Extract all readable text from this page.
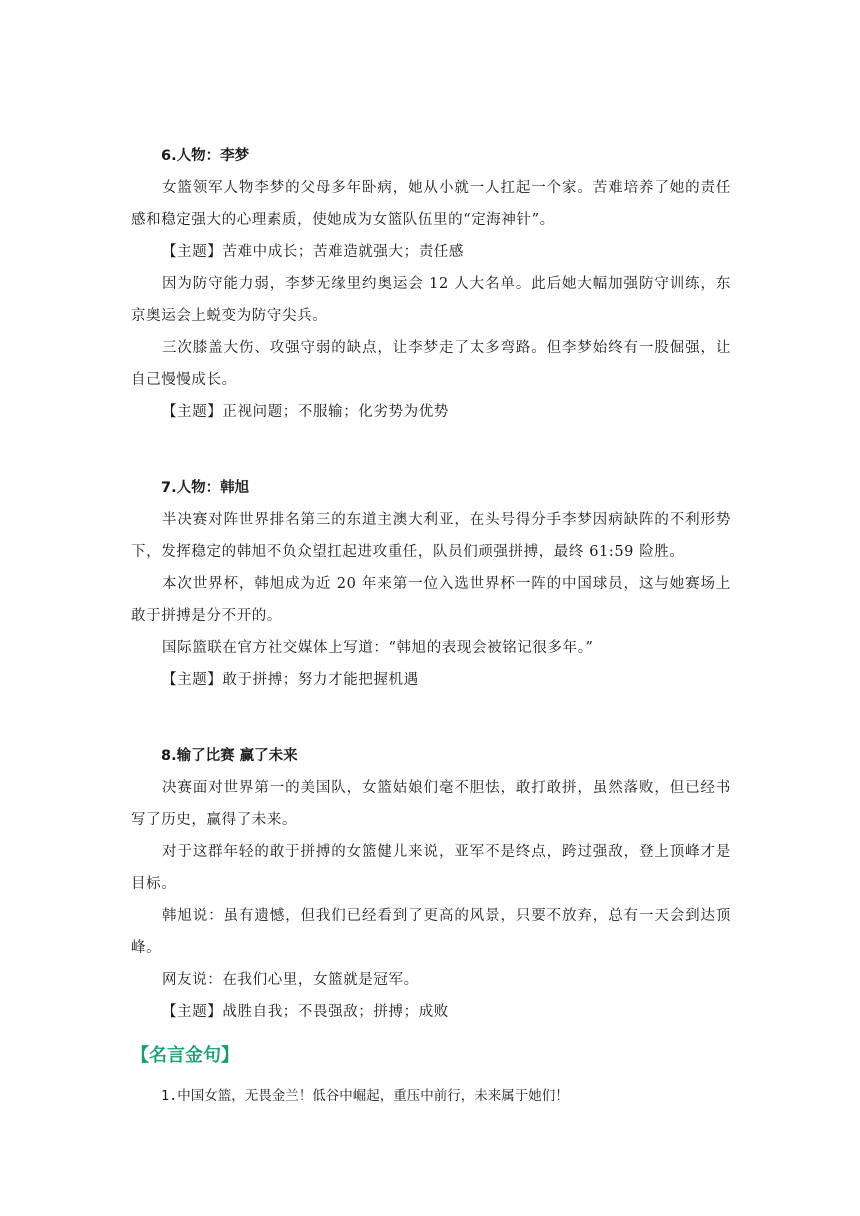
6.人物：李梦

女篮领军人物李梦的父母多年卧病，她从小就一人扛起一个家。苦难培养了她的责任感和稳定强大的心理素质，使她成为女篮队伍里的“定海神针”。

【主题】苦难中成长；苦难造就强大；责任感

因为防守能力弱，李梦无缘里约奥运会 12 人大名单。此后她大幅加强防守训练，东京奥运会上蜕变为防守尖兵。

三次膝盖大伤、攻强守弱的缺点，让李梦走了太多弯路。但李梦始终有一股倔强，让自己慢慢成长。

【主题】正视问题；不服输；化劣势为优势

7.人物：韩旭

半决赛对阵世界排名第三的东道主澳大利亚，在头号得分手李梦因病缺阵的不利形势下，发挥稳定的韩旭不负众望扛起进攻重任，队员们顽强拼搏，最终 61:59 险胜。

本次世界杯，韩旭成为近 20 年来第一位入选世界杯一阵的中国球员，这与她赛场上敢于拼搏是分不开的。

国际篮联在官方社交媒体上写道：“韩旭的表现会被铭记很多年。”

【主题】敢于拼搏；努力才能把握机遇

8.输了比赛 赢了未来

决赛面对世界第一的美国队，女篮姑娘们毫不胆怯，敢打敢拼，虽然落败，但已经书写了历史，赢得了未来。

对于这群年轻的敢于拼搏的女篮健儿来说，亚军不是终点，跨过强敌，登上顶峰才是目标。

韩旭说：虽有遗憾，但我们已经看到了更高的风景，只要不放弃，总有一天会到达顶峰。

网友说：在我们心里，女篮就是冠军。

【主题】战胜自我；不畏强敌；拼搏；成败

【名言金句】

1.中国女篮，无畏金兰！低谷中崛起，重压中前行，未来属于她们！
